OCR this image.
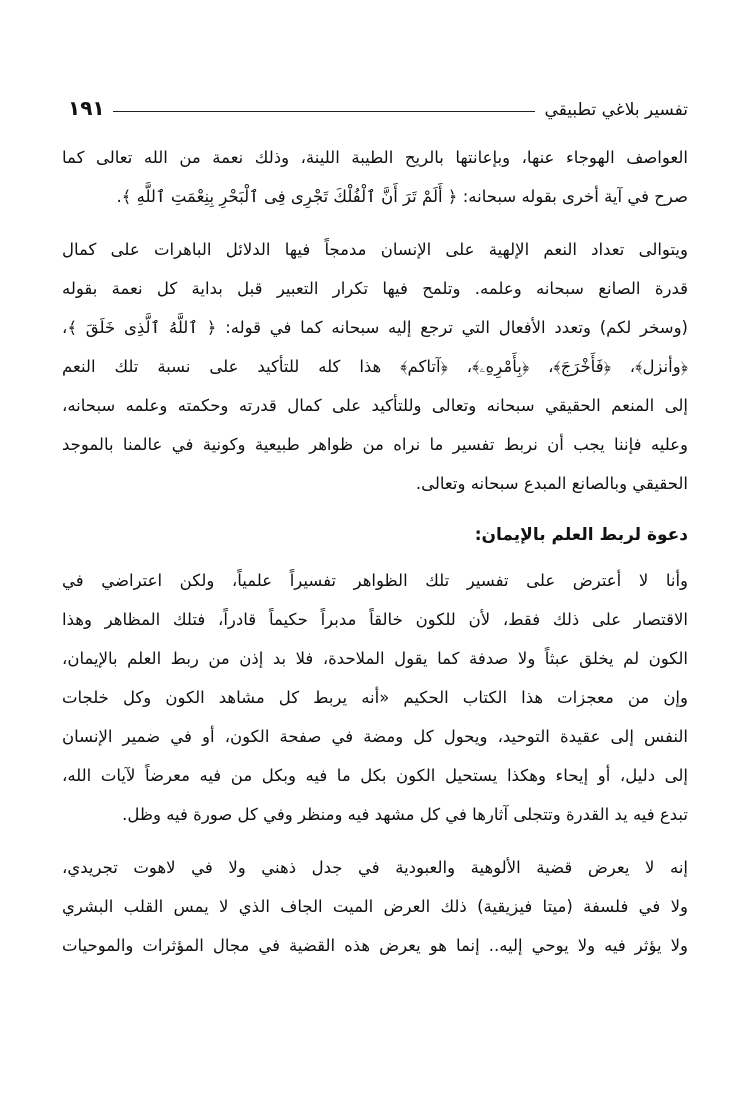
تفسير بلاغي تطبيقي
١٩١

العواصف الهوجاء عنها، وبإعانتها بالريح الطيبة اللينة، وذلك نعمة من الله تعالى كما
صرح في آية أخرى بقوله سبحانه: ﴿ أَلَمْ تَرَ أَنَّ ٱلْفُلْكَ تَجْرِى فِى ٱلْبَحْرِ بِنِعْمَتِ ٱللَّهِ ﴾.

ويتوالى تعداد النعم الإلهية على الإنسان مدمجاً فيها الدلائل الباهرات على كمال
قدرة الصانع سبحانه وعلمه. وتلمح فيها تكرار التعبير قبل بداية كل نعمة بقوله
(وسخر لكم) وتعدد الأفعال التي ترجع إليه سبحانه كما في قوله: ﴿ ٱللَّهُ ٱلَّذِى خَلَقَ ﴾،
﴿وأنزل﴾، ﴿فَأَخْرَجَ﴾، ﴿بِأَمْرِهِۦ﴾، ﴿آتاكم﴾ هذا كله للتأكيد على نسبة تلك النعم
إلى المنعم الحقيقي سبحانه وتعالى وللتأكيد على كمال قدرته وحكمته وعلمه سبحانه،
وعليه فإننا يجب أن نربط تفسير ما نراه من ظواهر طبيعية وكونية في عالمنا بالموجد
الحقيقي وبالصانع المبدع سبحانه وتعالى.

دعوة لربط العلم بالإيمان:

وأنا لا أعترض على تفسير تلك الظواهر تفسيراً علمياً، ولكن اعتراضي في
الاقتصار على ذلك فقط، لأن للكون خالقاً مدبراً حكيماً قادراً، فتلك المظاهر وهذا
الكون لم يخلق عبثاً ولا صدفة كما يقول الملاحدة، فلا بد إذن من ربط العلم بالإيمان،
وإن من معجزات هذا الكتاب الحكيم «أنه يربط كل مشاهد الكون وكل خلجات
النفس إلى عقيدة التوحيد، ويحول كل ومضة في صفحة الكون، أو في ضمير الإنسان
إلى دليل، أو إيحاء وهكذا يستحيل الكون بكل ما فيه وبكل من فيه معرضاً لآيات الله،
تبدع فيه يد القدرة وتتجلى آثارها في كل مشهد فيه ومنظر وفي كل صورة فيه وظل.

إنه لا يعرض قضية الألوهية والعبودية في جدل ذهني ولا في لاهوت تجريدي،
ولا في فلسفة (ميتا فيزيقية) ذلك العرض الميت الجاف الذي لا يمس القلب البشري
ولا يؤثر فيه ولا يوحي إليه.. إنما هو يعرض هذه القضية في مجال المؤثرات والموحيات
